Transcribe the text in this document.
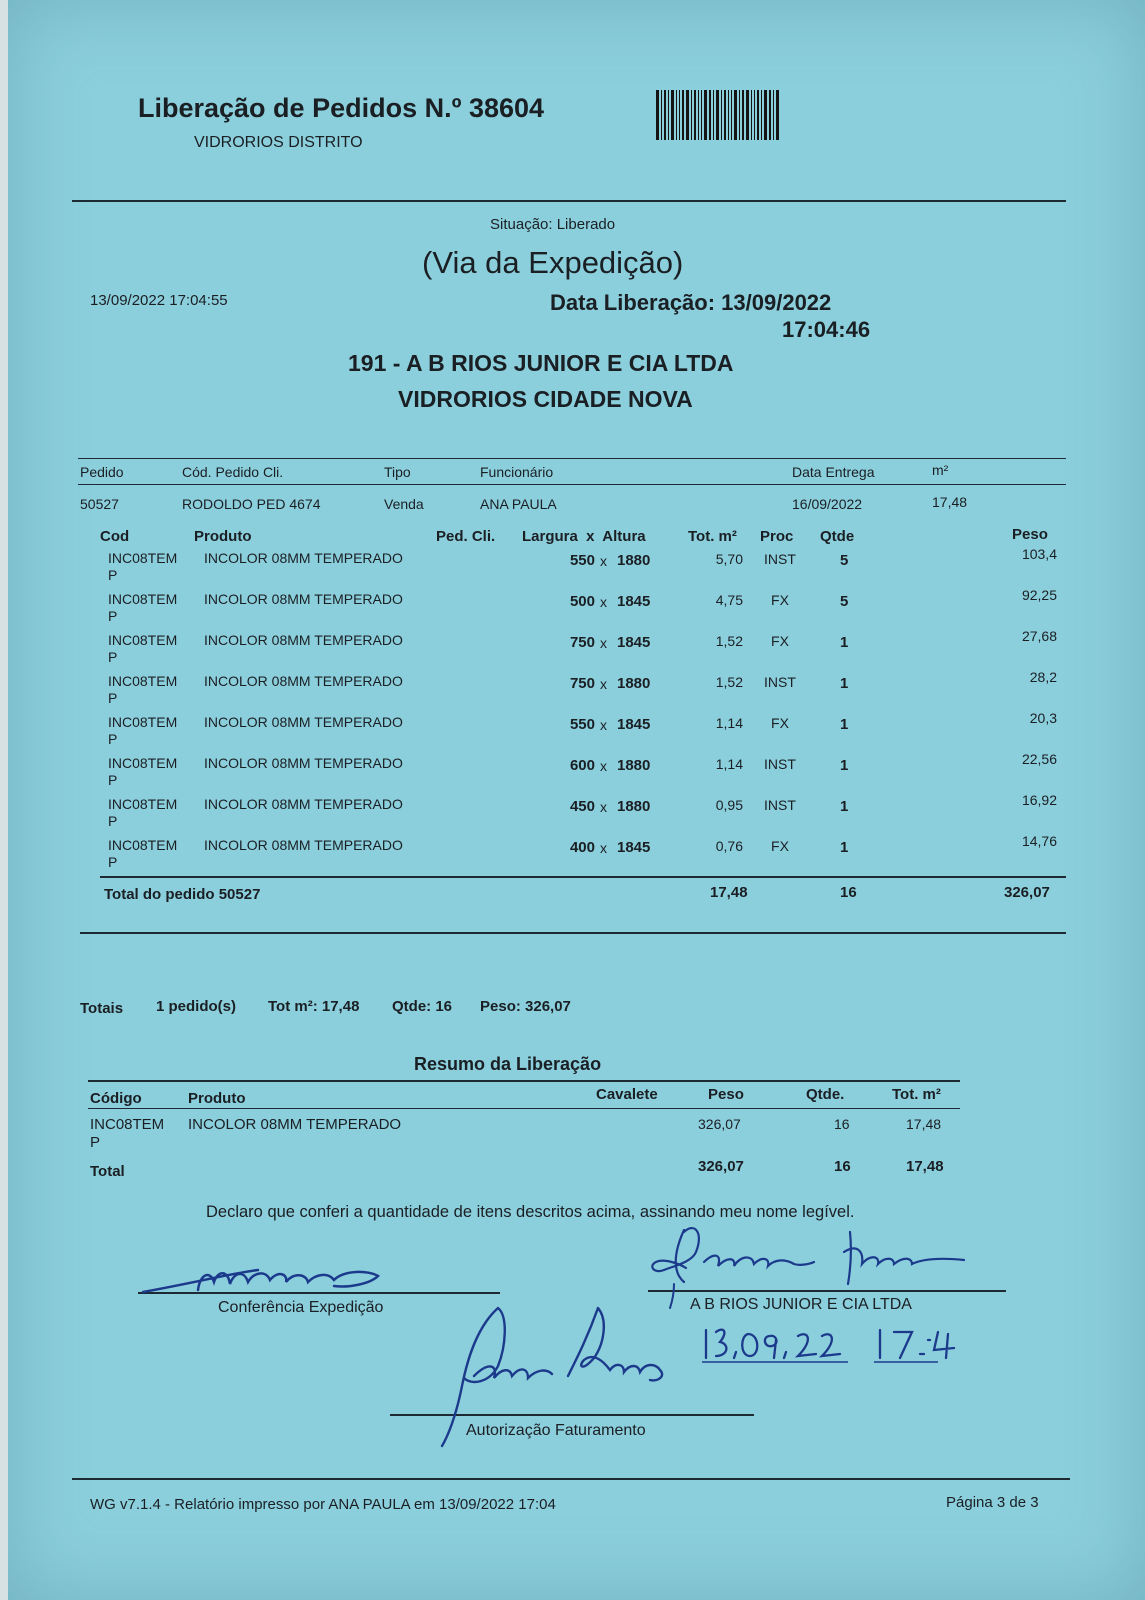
Liberação de Pedidos N.º 38604
VIDRORIOS DISTRITO
Situação: Liberado
(Via da Expedição)
13/09/2022 17:04:55	Data Liberação: 13/09/2022
17:04:46
191 - A B RIOS JUNIOR E CIA LTDA
VIDRORIOS CIDADE NOVA
Pedido	Cód. Pedido Cli.	Tipo	Funcionário	Data Entrega	m²
50527	RODOLDO PED 4674	Venda	ANA PAULA	16/09/2022	17,48
Cod	Produto	Ped. Cli. Largura  x  Altura	Tot. m² Proc Qtde	Peso
INC08TEM P
INCOLOR 08MM TEMPERADO	550 x 1880	5,70 INST	5	103,4
INC08TEM P
INCOLOR 08MM TEMPERADO	500 x 1845	4,75	FX	5	92,25
INC08TEM P
INCOLOR 08MM TEMPERADO	750 x 1845	1,52	FX	1	27,68
INC08TEM P
INCOLOR 08MM TEMPERADO	750 x 1880	1,52 INST	1	28,2
INC08TEM P
INCOLOR 08MM TEMPERADO	550 x 1845	1,14	FX	1	20,3
INC08TEM P
INCOLOR 08MM TEMPERADO	600 x 1880	1,14 INST	1	22,56
INC08TEM P
INCOLOR 08MM TEMPERADO	450 x 1880	0,95 INST	1	16,92
INC08TEM P
INCOLOR 08MM TEMPERADO	400 x 1845	0,76	FX	1	14,76
Total do pedido 50527	17,48	16	326,07
Totais 1 pedido(s) Tot m²: 17,48 Qtde: 16 Peso: 326,07
Resumo da Liberação
Código	Produto	Cavalete	Peso	Qtde.	Tot. m²
INC08TEM P
INCOLOR 08MM TEMPERADO	326,07	16	17,48
Total	326,07	16	17,48
Declaro que conferi a quantidade de itens descritos acima, assinando meu nome legível.
Conferência Expedição	A B RIOS JUNIOR E CIA LTDA
Autorização Faturamento
WG v7.1.4 - Relatório impresso por ANA PAULA em 13/09/2022 17:04	Página 3 de 3
